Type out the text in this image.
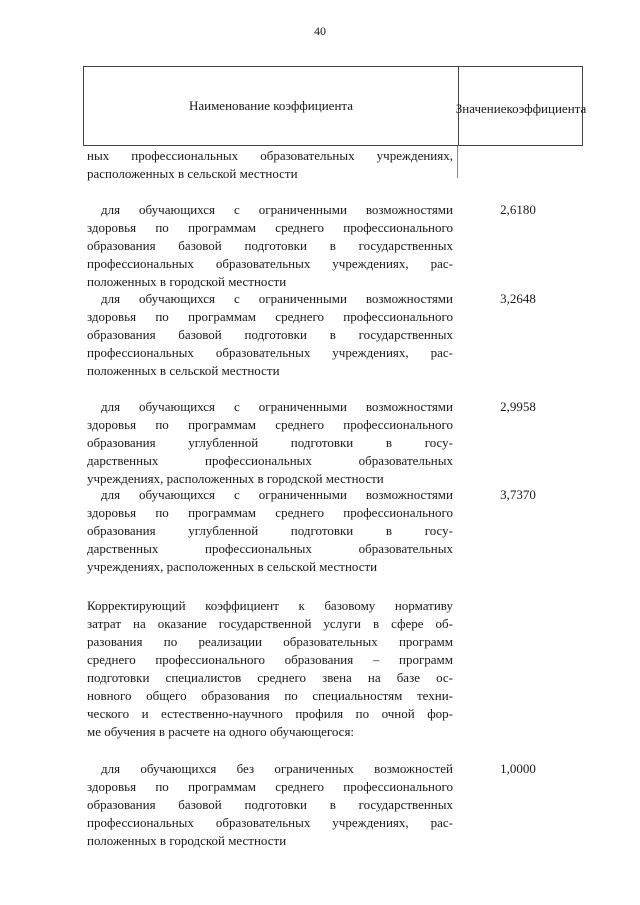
40
Наименование коэффициента	Значение коэффициента
ных профессиональных образовательных учреждениях,
расположенных в сельской местности
для обучающихся с ограниченными возможностями
здоровья по программам среднего профессионального
образования базовой подготовки в государственных
профессиональных образовательных учреждениях, рас-
положенных в городской местности
2,6180
для обучающихся с ограниченными возможностями
здоровья по программам среднего профессионального
образования базовой подготовки в государственных
профессиональных образовательных учреждениях, рас-
положенных в сельской местности
3,2648
для обучающихся с ограниченными возможностями
здоровья по программам среднего профессионального
образования углубленной подготовки в госу-
дарственных профессиональных образовательных
учреждениях, расположенных в городской местности
2,9958
для обучающихся с ограниченными возможностями
здоровья по программам среднего профессионального
образования углубленной подготовки в госу-
дарственных профессиональных образовательных
учреждениях, расположенных в сельской местности
3,7370
Корректирующий коэффициент к базовому нормативу
затрат на оказание государственной услуги в сфере об-
разования по реализации образовательных программ
среднего профессионального образования – программ
подготовки специалистов среднего звена на базе ос-
новного общего образования по специальностям техни-
ческого и естественно-научного профиля по очной фор-
ме обучения в расчете на одного обучающегося:
для обучающихся без ограниченных возможностей
здоровья по программам среднего профессионального
образования базовой подготовки в государственных
профессиональных образовательных учреждениях, рас-
положенных в городской местности
1,0000
